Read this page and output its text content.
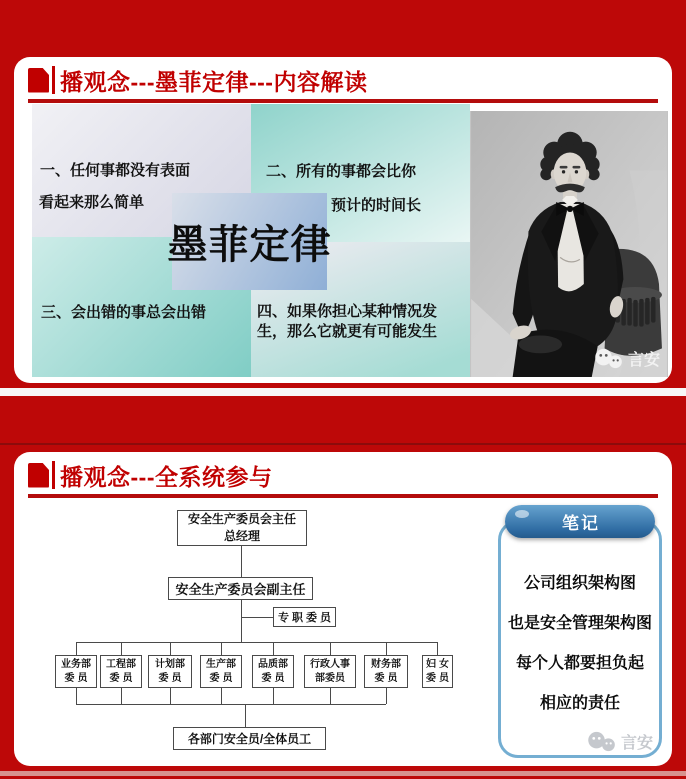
播观念---墨菲定律---内容解读
一、任何事都没有表面
看起来那么简单
二、所有的事都会比你
预计的时间长
三、会出错的事总会出错	四、如果你担心某种情况发 生，那么它就更有可能发生
墨菲定律
言安
播观念---全系统参与
安全生产委员会主任
总经理
安全生产委员会副主任
专职委员
业务部
委员
工程部
委员
计划部
委员
生产部
委员
品质部
委员
行政人事
部委员
财务部
委员
妇女
委员
各部门安全员/全体员工
公司组织架构图
也是安全管理架构图
每个人都要担负起
相应的责任
言安
笔记
